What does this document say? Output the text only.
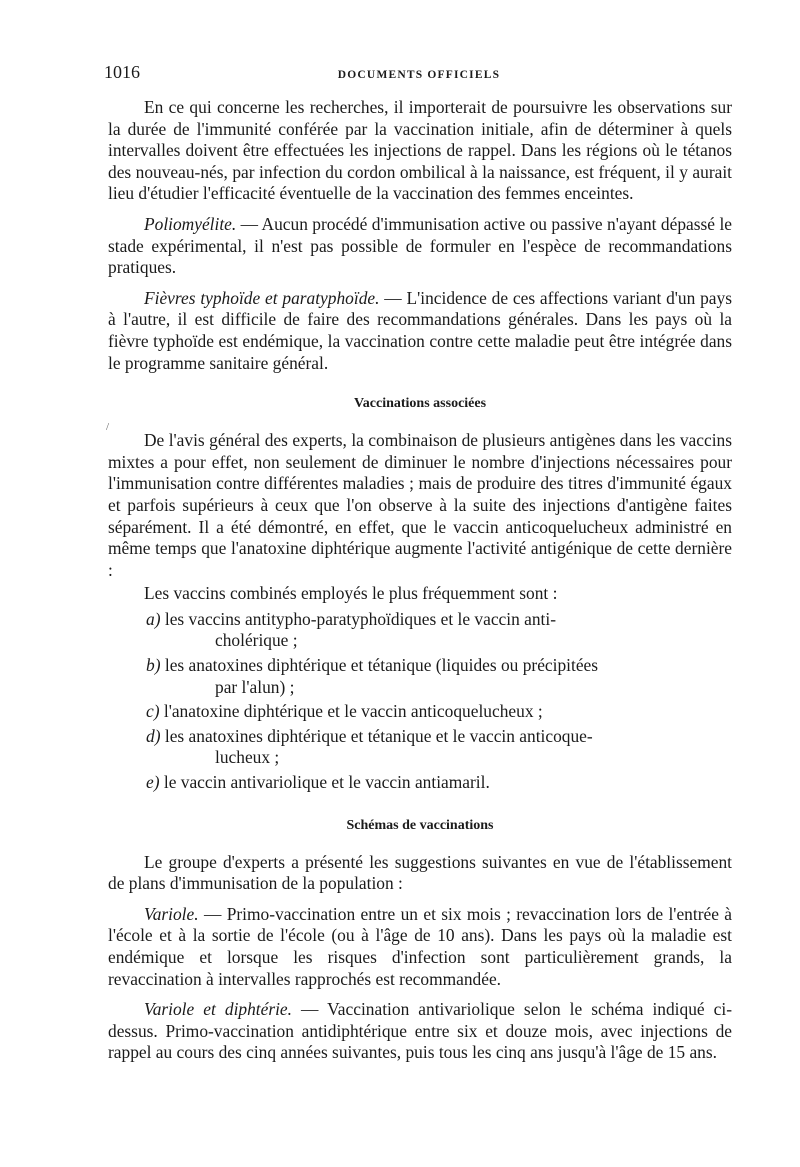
1016	DOCUMENTS OFFICIELS
/

En ce qui concerne les recherches, il importerait de poursuivre les observations sur la durée de l'immunité conférée par la vaccination initiale, afin de déterminer à quels intervalles doivent être effectuées les injections de rappel. Dans les régions où le tétanos des nouveau-nés, par infection du cordon ombilical à la naissance, est fréquent, il y aurait lieu d'étudier l'efficacité éventuelle de la vaccination des femmes enceintes.

Poliomyélite. — Aucun procédé d'immunisation active ou passive n'ayant dépassé le stade expérimental, il n'est pas possible de formuler en l'espèce de recommandations pratiques.

Fièvres typhoïde et paratyphoïde. — L'incidence de ces affections variant d'un pays à l'autre, il est difficile de faire des recommandations générales. Dans les pays où la fièvre typhoïde est endémique, la vaccination contre cette maladie peut être intégrée dans le programme sanitaire général.

Vaccinations associées

De l'avis général des experts, la combinaison de plusieurs antigènes dans les vaccins mixtes a pour effet, non seulement de diminuer le nombre d'injections nécessaires pour l'immunisation contre différentes maladies ; mais de produire des titres d'immunité égaux et parfois supérieurs à ceux que l'on observe à la suite des injections d'antigène faites séparément. Il a été démontré, en effet, que le vaccin anticoquelucheux administré en même temps que l'anatoxine diphtérique augmente l'activité antigénique de cette dernière :

Les vaccins combinés employés le plus fréquemment sont :

a) les vaccins antitypho-paratyphoïdiques et le vaccin anti-
cholérique ;
b) les anatoxines diphtérique et tétanique (liquides ou précipitées
par l'alun) ;
c) l'anatoxine diphtérique et le vaccin anticoquelucheux ;
d) les anatoxines diphtérique et tétanique et le vaccin anticoque-
lucheux ;
e) le vaccin antivariolique et le vaccin antiamaril.
Schémas de vaccinations

Le groupe d'experts a présenté les suggestions suivantes en vue de l'établissement de plans d'immunisation de la population :

Variole. — Primo-vaccination entre un et six mois ; revaccination lors de l'entrée à l'école et à la sortie de l'école (ou à l'âge de 10 ans). Dans les pays où la maladie est endémique et lorsque les risques d'infection sont particulièrement grands, la revaccination à intervalles rapprochés est recommandée.

Variole et diphtérie. — Vaccination antivariolique selon le schéma indiqué ci-dessus. Primo-vaccination antidiphtérique entre six et douze mois, avec injections de rappel au cours des cinq années suivantes, puis tous les cinq ans jusqu'à l'âge de 15 ans.
